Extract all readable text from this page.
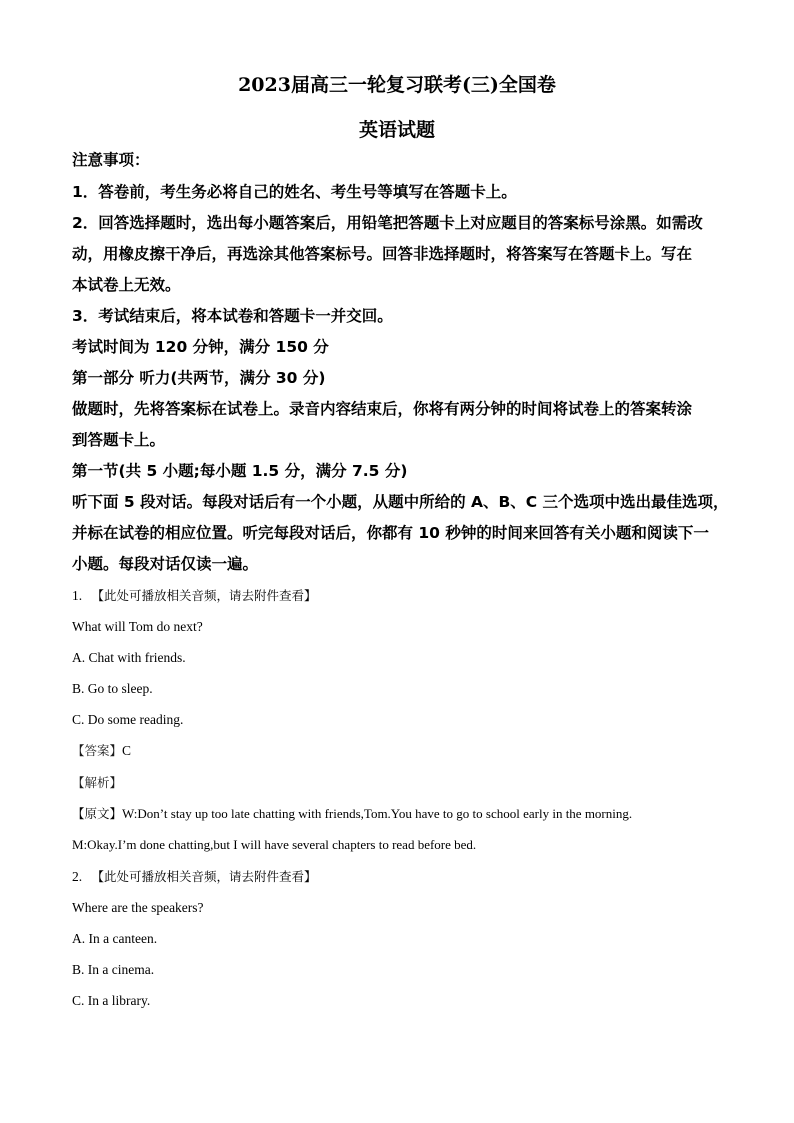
2023届高三一轮复习联考(三)全国卷
英语试题
注意事项：
1．答卷前，考生务必将自己的姓名、考生号等填写在答题卡上。
2．回答选择题时，选出每小题答案后，用铅笔把答题卡上对应题目的答案标号涂黑。如需改
动，用橡皮擦干净后，再选涂其他答案标号。回答非选择题时，将答案写在答题卡上。写在
本试卷上无效。
3．考试结束后，将本试卷和答题卡一并交回。
考试时间为 120 分钟，满分 150 分
第一部分 听力(共两节，满分 30 分)
做题时，先将答案标在试卷上。录音内容结束后，你将有两分钟的时间将试卷上的答案转涂
到答题卡上。
第一节(共 5 小题;每小题 1.5 分，满分 7.5 分)
听下面 5 段对话。每段对话后有一个小题，从题中所给的 A、B、C 三个选项中选出最佳选项，
并标在试卷的相应位置。听完每段对话后，你都有 10 秒钟的时间来回答有关小题和阅读下一
小题。每段对话仅读一遍。
1. 【此处可播放相关音频，请去附件查看】
What will Tom do next?
A. Chat with friends.
B. Go to sleep.
C. Do some reading.
【答案】C
【解析】
【原文】W:Don’t stay up too late chatting with friends,Tom.You have to go to school early in the morning.
M:Okay.I’m done chatting,but I will have several chapters to read before bed.
2. 【此处可播放相关音频，请去附件查看】
Where are the speakers?
A. In a canteen.
B. In a cinema.
C. In a library.
